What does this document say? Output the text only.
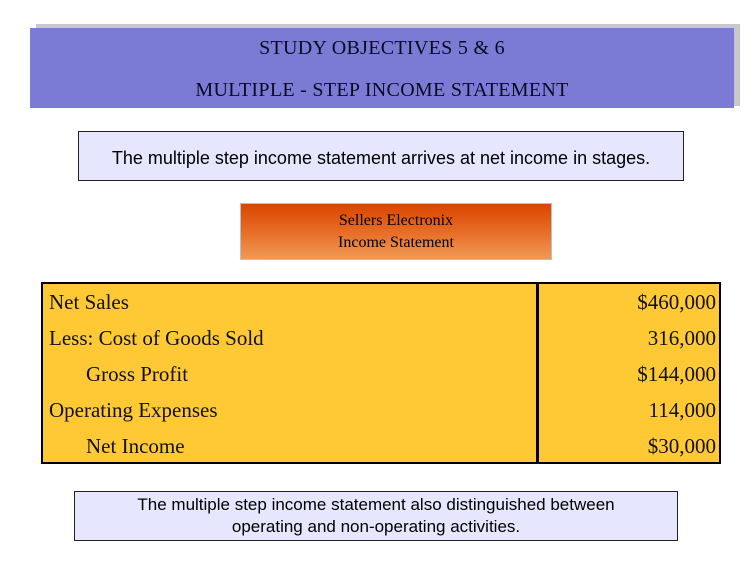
STUDY OBJECTIVES 5 & 6
MULTIPLE - STEP INCOME STATEMENT
The multiple step income statement arrives at net income in stages.
Sellers Electronix
Income Statement
Net Sales
Less: Cost of Goods Sold
Gross Profit
Operating Expenses
Net Income
$460,000
316,000
$144,000
114,000
$30,000
The multiple step income statement also distinguished between
operating and non-operating activities.
